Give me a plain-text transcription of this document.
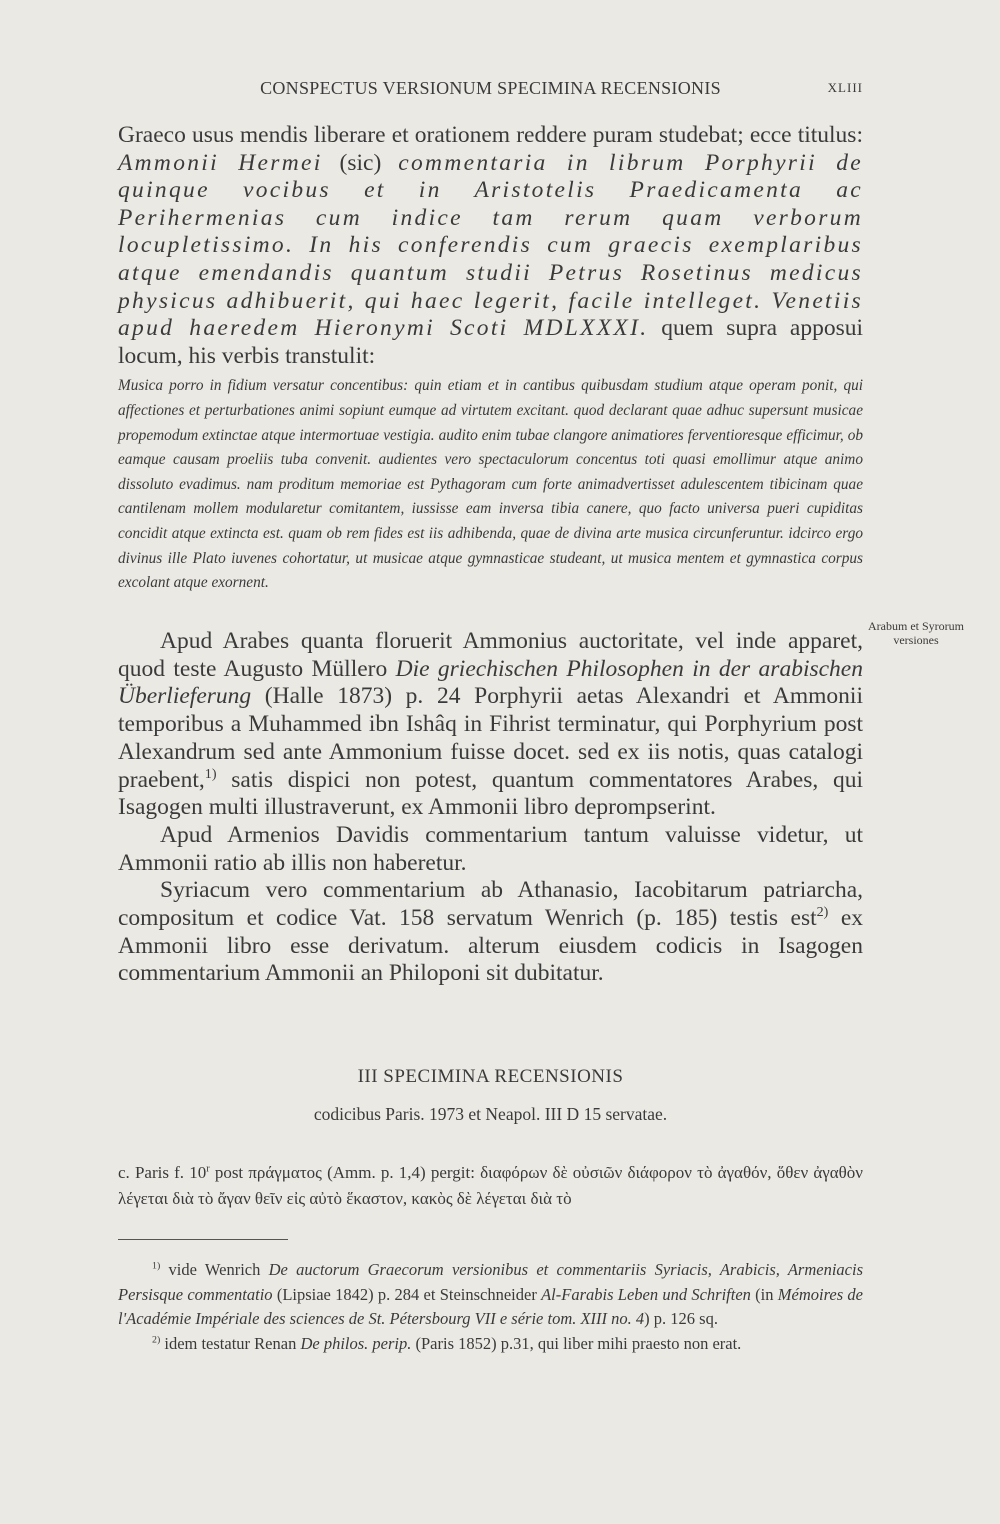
CONSPECTUS VERSIONUM SPECIMINA RECENSIONIS	XLIII

Graeco usus mendis liberare et orationem reddere puram studebat; ecce titulus: Ammonii Hermei (sic) commentaria in librum Porphyrii de quinque vocibus et in Aristotelis Praedicamenta ac Perihermenias cum indice tam rerum quam verborum locupletissimo. In his conferendis cum graecis exemplaribus atque emendandis quantum studii Petrus Rosetinus medicus physicus adhibuerit, qui haec legerit, facile intelleget. Venetiis apud haeredem Hieronymi Scoti MDLXXXI. quem supra apposui locum, his verbis transtulit:

Musica porro in fidium versatur concentibus: quin etiam et in cantibus quibusdam studium atque operam ponit, qui affectiones et perturbationes animi sopiunt eumque ad virtutem excitant. quod declarant quae adhuc supersunt musicae propemodum extinctae atque intermortuae vestigia. audito enim tubae clangore animatiores ferventioresque efficimur, ob eamque causam proeliis tuba convenit. audientes vero spectaculorum concentus toti quasi emollimur atque animo dissoluto evadimus. nam proditum memoriae est Pythagoram cum forte animadvertisset adulescentem tibicinam quae cantilenam mollem modularetur comitantem, iussisse eam inversa tibia canere, quo facto universa pueri cupiditas concidit atque extincta est. quam ob rem fides est iis adhibenda, quae de divina arte musica circunferuntur. idcirco ergo divinus ille Plato iuvenes cohortatur, ut musicae atque gymnasticae studeant, ut musica mentem et gymnastica corpus excolant atque exornent.

Arabum et Syrorum versiones

Apud Arabes quanta floruerit Ammonius auctoritate, vel inde apparet, quod teste Augusto Müllero Die griechischen Philosophen in der arabischen Überlieferung (Halle 1873) p. 24 Porphyrii aetas Alexandri et Ammonii temporibus a Muhammed ibn Ishâq in Fihrist terminatur, qui Porphyrium post Alexandrum sed ante Ammonium fuisse docet. sed ex iis notis, quas catalogi praebent,$^{1)}$ satis dispici non potest, quantum commentatores Arabes, qui Isagogen multi illustraverunt, ex Ammonii libro deprompserint.

Apud Armenios Davidis commentarium tantum valuisse videtur, ut Ammonii ratio ab illis non haberetur.

Syriacum vero commentarium ab Athanasio, Iacobitarum patriarcha, compositum et codice Vat. 158 servatum Wenrich (p. 185) testis est$^{2)}$ ex Ammonii libro esse derivatum. alterum eiusdem codicis in Isagogen commentarium Ammonii an Philoponi sit dubitatur.

III SPECIMINA RECENSIONIS
codicibus Paris. 1973 et Neapol. III D 15 servatae.

c. Paris f. 10$^r$ post πράγματος (Amm. p. 1,4) pergit: διαφόρων δὲ οὐσιῶν διάφορον τὸ ἀγαθόν, ὅθεν ἀγαθὸν λέγεται διὰ τὸ ἄγαν θεῖν εἰς αὐτὸ ἕκαστον, κακὸς δὲ λέγεται διὰ τὸ

$^{1)}$ vide Wenrich De auctorum Graecorum versionibus et commentariis Syriacis, Arabicis, Armeniacis Persisque commentatio (Lipsiae 1842) p. 284 et Steinschneider Al-Farabis Leben und Schriften (in Mémoires de l'Académie Impériale des sciences de St. Pétersbourg VII e série tom. XIII no. 4) p. 126 sq.

$^{2)}$ idem testatur Renan De philos. perip. (Paris 1852) p.31, qui liber mihi praesto non erat.
